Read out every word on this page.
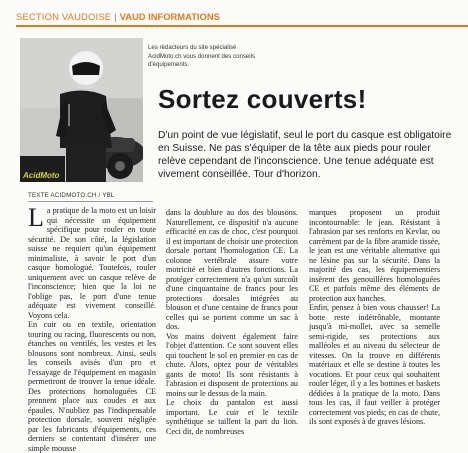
SECTION VAUDOISE | VAUD INFORMATIONS
AcidMoto
Les rédacteurs du site spécialisé AcidMoto.ch vous donnent des conseils d'équipements.
Sortez couverts!

D'un point de vue législatif, seul le port du casque est obligatoire en Suisse. Ne pas s'équiper de la tête aux pieds pour rouler relève cependant de l'inconscience. Une tenue adéquate est vivement conseillée. Tour d'horizon.

TEXTE ACIDMOTO.CH / YBL

La pratique de la moto est un loisir qui nécessite un équipement spécifique pour rouler en toute sécurité. De son côté, la législation suisse ne requiert qu'un équipement minimaliste, à savoir le port d'un casque homologué. Toutefois, rouler uniquement avec un casque relève de l'inconscience; bien que la loi ne l'oblige pas, le port d'une tenue adéquate est vivement conseillé. Voyons cela.

En cuir ou en textile, orientation touring ou racing, fluorescents ou non, étanches ou ventilés, les vestes et les blousons sont nombreux. Ainsi, seuls les conseils avisés d'un pro et l'essayage de l'équipement en magasin permettront de trouver la tenue idéale. Des protections homologuées CE prennent place aux coudes et aux épaules. N'oubliez pas l'indispensable protection dorsale, souvent négligée par les fabricants d'équipements, ces derniers se contentant d'insérer une simple mousse

dans la doublure au dos des blousons. Naturellement, ce dispositif n'a aucune efficacité en cas de choc, c'est pourquoi il est important de choisir une protection dorsale portant l'homologation CE. La colonne vertébrale assure votre motricité et bien d'autres fonctions. La protéger correctement n'a qu'un surcoût d'une cinquantaine de francs pour les protections dorsales intégrées au blouson et d'une centaine de francs pour celles qui se portent comme un sac à dos.

Vos mains doivent également faire l'objet d'attention. Ce sont souvent elles qui touchent le sol en premier en cas de chute. Alors, optez pour de véritables gants de moto! Ils sont résistants à l'abrasion et disposent de protections au moins sur le dessus de la main.

Le choix du pantalon est aussi important. Le cuir et le textile synthétique se taillent la part du lion. Ceci dit, de nombreuses

marques proposent un produit incontournable: le jean. Résistant à l'abrasion par ses renforts en Kevlar, ou carrément par de la fibre aramide tissée, le jean est une véritable alternative qui ne lésine pas sur la sécurité. Dans la majorité des cas, les équipementiers insèrent des genouillères homologuées CE et parfois même des éléments de protection aux hanches.

Enfin, pensez à bien vous chausser! La botte reste indétrônable, montante jusqu'à mi-mollet, avec sa semelle semi-rigide, ses protections aux malléoles et au niveau du sélecteur de vitesses. On la trouve en différents matériaux et elle se destine à toutes les vocations. Et pour ceux qui souhaitent rouler léger, il y a les bottines et baskets dédiées à la pratique de la moto. Dans tous les cas, il faut veiller à protéger correctement vos pieds; en cas de chute, ils sont exposés à de graves lésions.
